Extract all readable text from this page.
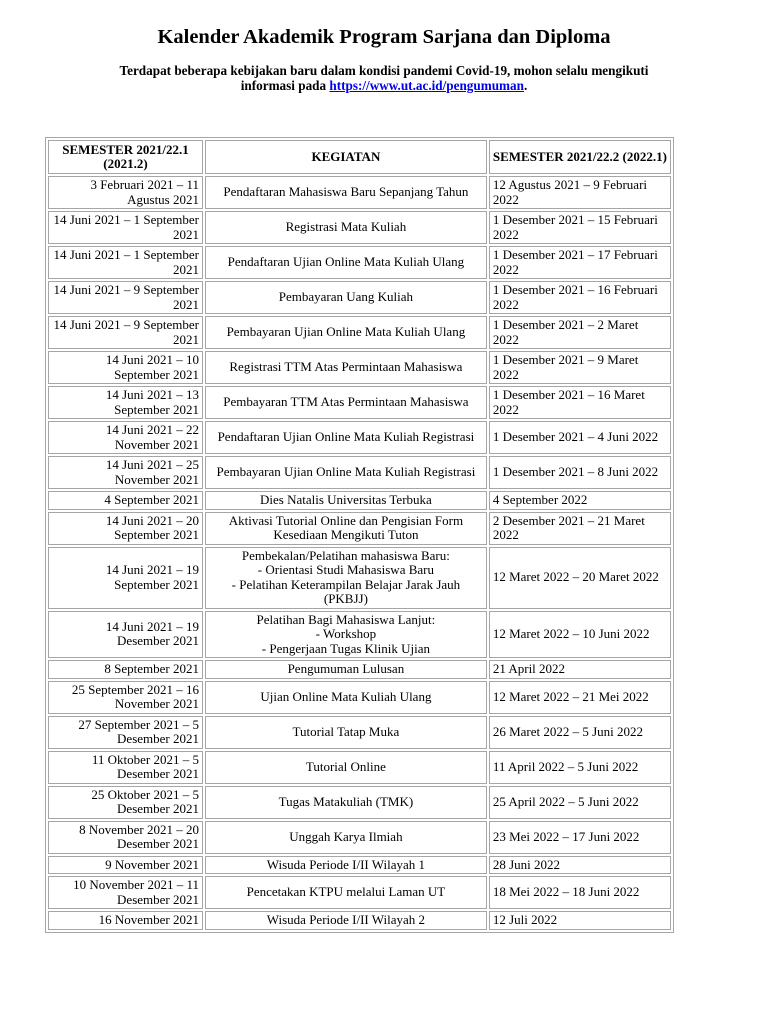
Kalender Akademik Program Sarjana dan Diploma
Terdapat beberapa kebijakan baru dalam kondisi pandemi Covid-19, mohon selalu mengikuti informasi pada https://www.ut.ac.id/pengumuman.
SEMESTER 2021/22.1 (2021.2)	KEGIATAN	SEMESTER 2021/22.2 (2022.1)
3 Februari 2021 – 11 Agustus 2021	Pendaftaran Mahasiswa Baru Sepanjang Tahun	12 Agustus 2021 – 9 Februari 2022
14 Juni 2021 – 1 September 2021	Registrasi Mata Kuliah	1 Desember 2021 – 15 Februari 2022
14 Juni 2021 – 1 September 2021	Pendaftaran Ujian Online Mata Kuliah Ulang	1 Desember 2021 – 17 Februari 2022
14 Juni 2021 – 9 September 2021	Pembayaran Uang Kuliah	1 Desember 2021 – 16 Februari 2022
14 Juni 2021 – 9 September 2021	Pembayaran Ujian Online Mata Kuliah Ulang	1 Desember 2021 – 2 Maret 2022
14 Juni 2021 – 10 September 2021	Registrasi TTM Atas Permintaan Mahasiswa	1 Desember 2021 – 9 Maret 2022
14 Juni 2021 – 13 September 2021	Pembayaran TTM Atas Permintaan Mahasiswa	1 Desember 2021 – 16 Maret 2022
14 Juni 2021 – 22 November 2021	Pendaftaran Ujian Online Mata Kuliah Registrasi	1 Desember 2021 – 4 Juni 2022
14 Juni 2021 – 25 November 2021	Pembayaran Ujian Online Mata Kuliah Registrasi	1 Desember 2021 – 8 Juni 2022
4 September 2021	Dies Natalis Universitas Terbuka	4 September 2022
14 Juni 2021 – 20 September 2021	Aktivasi Tutorial Online dan Pengisian Form Kesediaan Mengikuti Tuton	2 Desember 2021 – 21 Maret 2022
14 Juni 2021 – 19 September 2021	Pembekalan/Pelatihan mahasiswa Baru:
- Orientasi Studi Mahasiswa Baru
- Pelatihan Keterampilan Belajar Jarak Jauh (PKBJJ)	12 Maret 2022 – 20 Maret 2022
14 Juni 2021 – 19 Desember 2021	Pelatihan Bagi Mahasiswa Lanjut:
- Workshop
- Pengerjaan Tugas Klinik Ujian	12 Maret 2022 – 10 Juni 2022
8 September 2021	Pengumuman Lulusan	21 April 2022
25 September 2021 – 16 November 2021	Ujian Online Mata Kuliah Ulang	12 Maret 2022 – 21 Mei 2022
27 September 2021 – 5 Desember 2021	Tutorial Tatap Muka	26 Maret 2022 – 5 Juni 2022
11 Oktober 2021 – 5 Desember 2021	Tutorial Online	11 April 2022 – 5 Juni 2022
25 Oktober 2021 – 5 Desember 2021	Tugas Matakuliah (TMK)	25 April 2022 – 5 Juni 2022
8 November 2021 – 20 Desember 2021	Unggah Karya Ilmiah	23 Mei 2022 – 17 Juni 2022
9 November 2021	Wisuda Periode I/II Wilayah 1	28 Juni 2022
10 November 2021 – 11 Desember 2021	Pencetakan KTPU melalui Laman UT	18 Mei 2022 – 18 Juni 2022
16 November 2021	Wisuda Periode I/II Wilayah 2	12 Juli 2022
